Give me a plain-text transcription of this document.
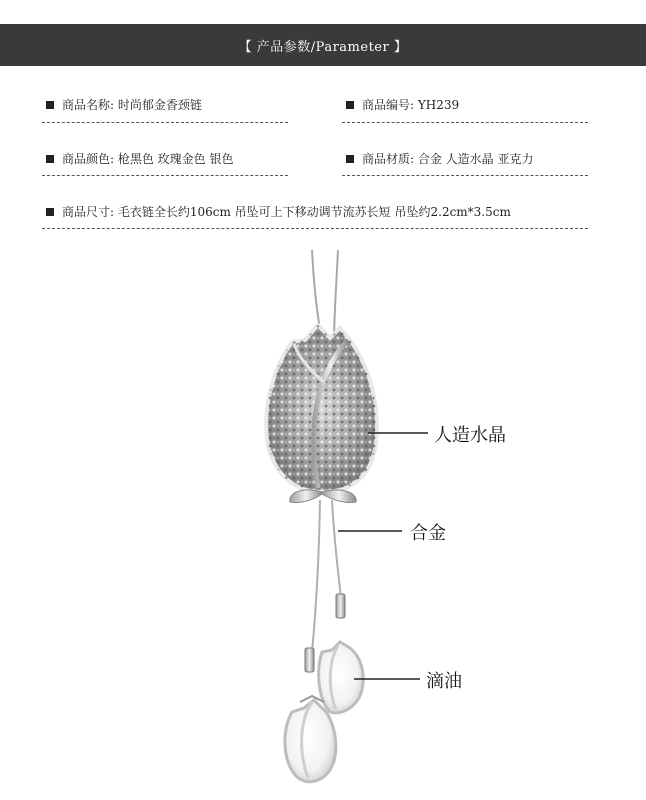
【 产品参数/Parameter 】
商品名称: 时尚郁金香颈链	商品编号: YH239
商品颜色: 枪黑色 玫瑰金色 银色	商品材质: 合金 人造水晶 亚克力
商品尺寸: 毛衣链全长约106cm 吊坠可上下移动调节流苏长短 吊坠约2.2cm*3.5cm
人造水晶
合金
滴油
